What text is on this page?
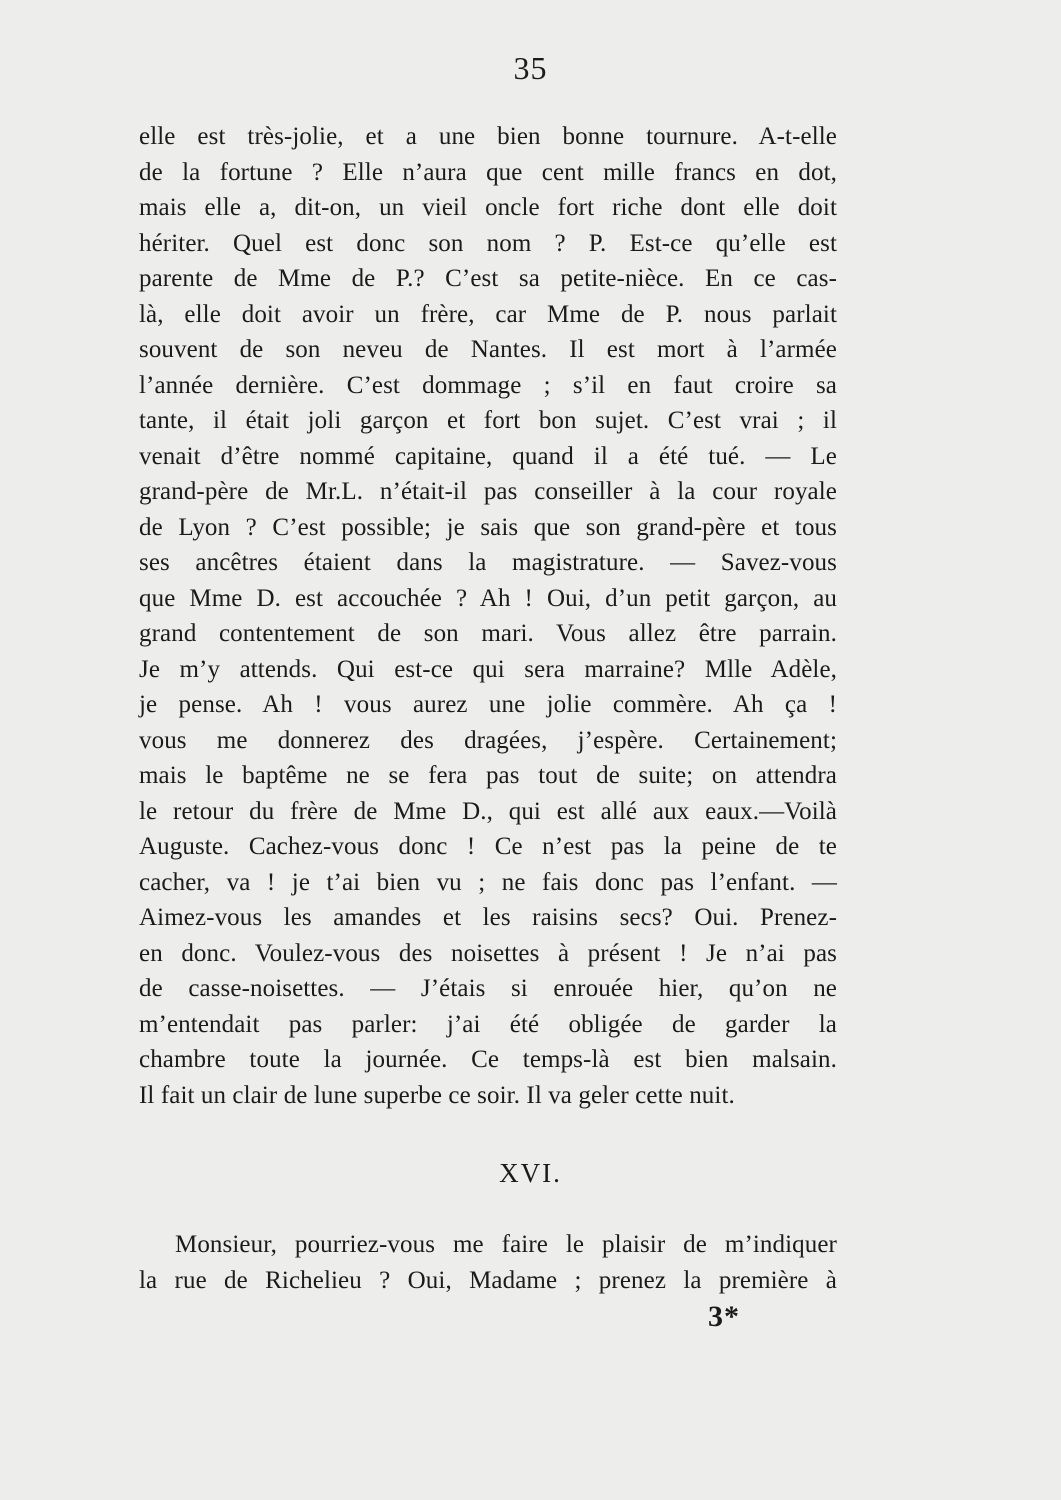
35
elle est très-jolie, et a une bien bonne tournure. A-t-elle
de la fortune ? Elle n’aura que cent mille francs en dot,
mais elle a, dit-on, un vieil oncle fort riche dont elle doit
hériter. Quel est donc son nom ? P. Est-ce qu’elle est
parente de Mme de P.? C’est sa petite-nièce. En ce cas-
là, elle doit avoir un frère, car Mme de P. nous parlait
souvent de son neveu de Nantes. Il est mort à l’armée
l’année dernière. C’est dommage ; s’il en faut croire sa
tante, il était joli garçon et fort bon sujet. C’est vrai ; il
venait d’être nommé capitaine, quand il a été tué. — Le
grand-père de Mr.L. n’était-il pas conseiller à la cour royale
de Lyon ? C’est possible; je sais que son grand-père et tous
ses ancêtres étaient dans la magistrature. — Savez-vous
que Mme D. est accouchée ? Ah ! Oui, d’un petit garçon, au
grand contentement de son mari. Vous allez être parrain.
Je m’y attends. Qui est-ce qui sera marraine? Mlle Adèle,
je pense. Ah ! vous aurez une jolie commère. Ah ça !
vous me donnerez des dragées, j’espère. Certainement;
mais le baptême ne se fera pas tout de suite; on attendra
le retour du frère de Mme D., qui est allé aux eaux.—Voilà
Auguste. Cachez-vous donc ! Ce n’est pas la peine de te
cacher, va ! je t’ai bien vu ; ne fais donc pas l’enfant. —
Aimez-vous les amandes et les raisins secs? Oui. Prenez-
en donc. Voulez-vous des noisettes à présent ! Je n’ai pas
de casse-noisettes. — J’étais si enrouée hier, qu’on ne
m’entendait pas parler: j’ai été obligée de garder la
chambre toute la journée. Ce temps-là est bien malsain.
Il fait un clair de lune superbe ce soir. Il va geler cette nuit.
XVI.
Monsieur, pourriez-vous me faire le plaisir de m’indiquer
la rue de Richelieu ? Oui, Madame ; prenez la première à
3*
